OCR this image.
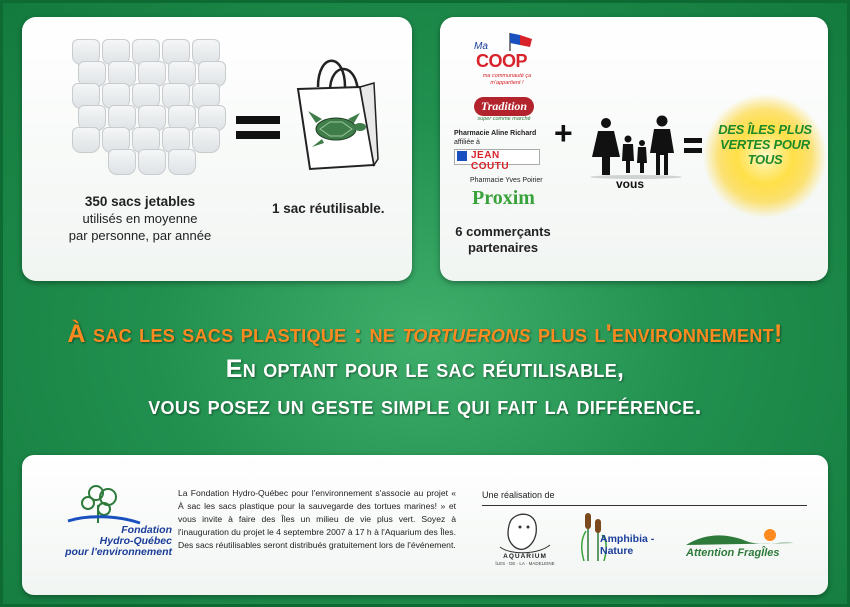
350 sacs jetables
utilisés en moyenne
par personne, par année
1 sac réutilisable.
Ma
COOP
ma communauté ça m'appartient !
Tradition
super comme marché
Pharmacie Aline Richard
affiliée à
JEAN COUTU
Pharmacie Yves Poirier
Proxim
6 commerçants partenaires
+
vous
DES ÎLES PLUS VERTES POUR TOUS
À sac les sacs plastique : ne tortuerons plus l'environnement!
En optant pour le sac réutilisable,
vous posez un geste simple qui fait la différence.
Fondation
Hydro-Québec
pour l'environnement
La Fondation Hydro-Québec pour l'environnement s'associe au projet « À sac les sacs plastique pour la sauvegarde des tortues marines! » et vous invite à faire des Îles un milieu de vie plus vert. Soyez à l'inauguration du projet le 4 septembre 2007 à 17 h à l'Aquarium des Îles. Des sacs réutilisables seront distribués gratuitement lors de l'événement.
Une réalisation de
AQUARIUM
ÎLES · DE · LA · MADELEINE
Amphibia -Nature	Attention FragÎles
